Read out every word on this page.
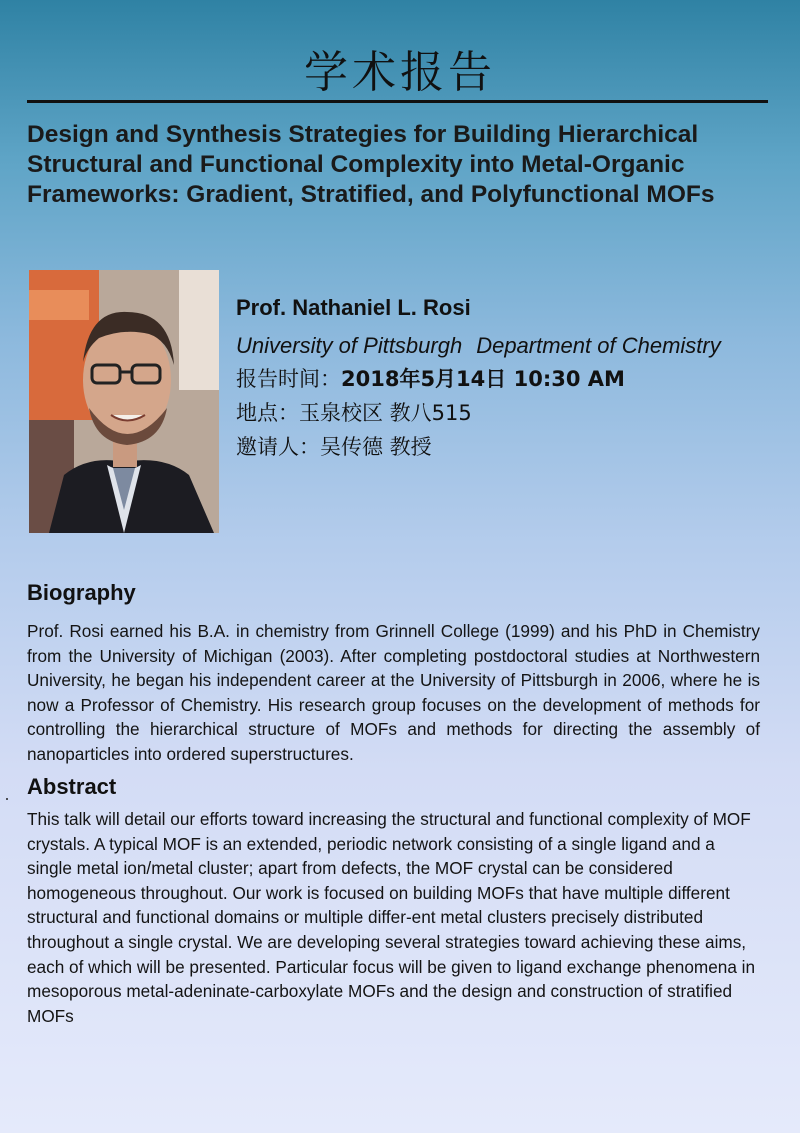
学术报告
Design and Synthesis Strategies for Building Hierarchical Structural and Functional Complexity into Metal-Organic Frameworks: Gradient, Stratified, and Polyfunctional MOFs
Prof. Nathaniel L. Rosi
University of Pittsburgh Department of Chemistry
报告时间：2018年5月14日 10:30 AM
地点：玉泉校区 教八515
邀请人：吴传德 教授
Biography
Prof. Rosi earned his B.A. in chemistry from Grinnell College (1999) and his PhD in Chemistry from the University of Michigan (2003). After completing postdoctoral studies at Northwestern University, he began his independent career at the University of Pittsburgh in 2006, where he is now a Professor of Chemistry. His research group focuses on the development of methods for controlling the hierarchical structure of MOFs and methods for directing the assembly of nanoparticles into ordered superstructures.
Abstract
This talk will detail our efforts toward increasing the structural and functional complexity of MOF crystals. A typical MOF is an extended, periodic network consisting of a single ligand and a single metal ion/metal cluster; apart from defects, the MOF crystal can be considered homogeneous throughout. Our work is focused on building MOFs that have multiple different structural and functional domains or multiple differ-ent metal clusters precisely distributed throughout a single crystal. We are developing several strategies toward achieving these aims, each of which will be presented. Particular focus will be given to ligand exchange phenomena in mesoporous metal-adeninate-carboxylate MOFs and the design and construction of stratified MOFs
